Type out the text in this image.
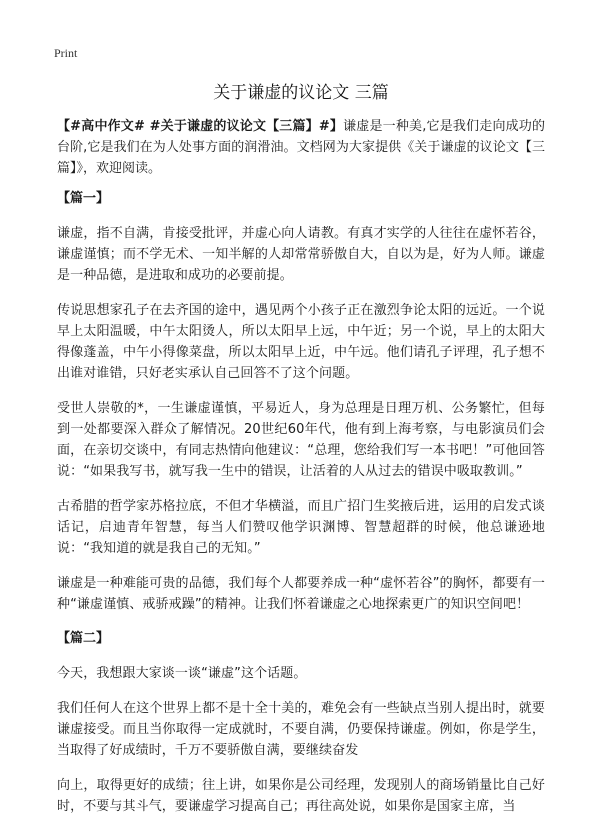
Print
关于谦虚的议论文 三篇

【#高中作文# #关于谦虚的议论文【三篇】#】谦虚是一种美,它是我们走向成功的台阶,它是我们在为人处事方面的润滑油。文档网为大家提供《关于谦虚的议论文【三篇】》，欢迎阅读。

【篇一】

谦虚，指不自满，肯接受批评，并虚心向人请教。有真才实学的人往往在虚怀若谷，谦虚谨慎；而不学无术、一知半解的人却常常骄傲自大，自以为是，好为人师。谦虚是一种品德，是进取和成功的必要前提。

传说思想家孔子在去齐国的途中，遇见两个小孩子正在激烈争论太阳的远近。一个说早上太阳温暖，中午太阳烫人，所以太阳早上远，中午近；另一个说，早上的太阳大得像蓬盖，中午小得像菜盘，所以太阳早上近，中午远。他们请孔子评理，孔子想不出谁对谁错，只好老实承认自己回答不了这个问题。

受世人崇敬的*，一生谦虚谨慎，平易近人，身为总理是日理万机、公务繁忙，但每到一处都要深入群众了解情况。20世纪60年代，他有到上海考察，与电影演员们会面，在亲切交谈中，有同志热情向他建议：“总理，您给我们写一本书吧！”可他回答说：“如果我写书，就写我一生中的错误，让活着的人从过去的错误中吸取教训。”

古希腊的哲学家苏格拉底，不但才华横溢，而且广招门生奖掖后进，运用的启发式谈话记，启迪青年智慧，每当人们赞叹他学识渊博、智慧超群的时候，他总谦逊地说：“我知道的就是我自己的无知。”

谦虚是一种难能可贵的品德，我们每个人都要养成一种“虚怀若谷”的胸怀，都要有一种“谦虚谨慎、戒骄戒躁”的精神。让我们怀着谦虚之心地探索更广的知识空间吧！

【篇二】

今天，我想跟大家谈一谈“谦虚”这个话题。

我们任何人在这个世界上都不是十全十美的，难免会有一些缺点当别人提出时，就要谦虚接受。而且当你取得一定成就时，不要自满，仍要保持谦虚。例如，你是学生，当取得了好成绩时，千万不要骄傲自满，要继续奋发

向上，取得更好的成绩；往上讲，如果你是公司经理，发现别人的商场销量比自己好时，不要与其斗气，要谦虚学习提高自己；再往高处说，如果你是国家主席，当
